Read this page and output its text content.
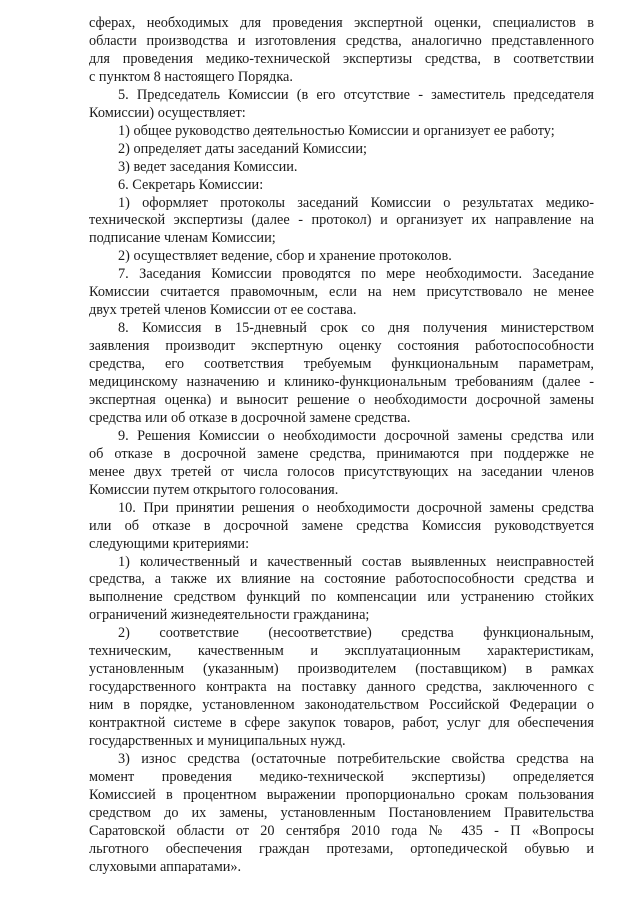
сферах, необходимых для проведения экспертной оценки, специалистов в
области производства и изготовления средства, аналогично представленного
для проведения медико-технической экспертизы средства, в соответствии
с пунктом 8 настоящего Порядка.
5. Председатель Комиссии (в его отсутствие - заместитель председателя
Комиссии) осуществляет:
1) общее руководство деятельностью Комиссии и организует ее работу;
2) определяет даты заседаний Комиссии;
3) ведет заседания Комиссии.
6. Секретарь Комиссии:
1) оформляет протоколы заседаний Комиссии о результатах медико-
технической экспертизы (далее - протокол) и организует их направление на
подписание членам Комиссии;
2) осуществляет ведение, сбор и хранение протоколов.
7. Заседания Комиссии проводятся по мере необходимости. Заседание
Комиссии считается правомочным, если на нем присутствовало не менее
двух третей членов Комиссии от ее состава.
8. Комиссия в 15-дневный срок со дня получения министерством
заявления производит экспертную оценку состояния работоспособности
средства, его соответствия требуемым функциональным параметрам,
медицинскому назначению и клинико-функциональным требованиям (далее -
экспертная оценка) и выносит решение о необходимости досрочной замены
средства или об отказе в досрочной замене средства.
9. Решения Комиссии о необходимости досрочной замены средства или
об отказе в досрочной замене средства, принимаются при поддержке не
менее двух третей от числа голосов присутствующих на заседании членов
Комиссии путем открытого голосования.
10. При принятии решения о необходимости досрочной замены средства
или об отказе в досрочной замене средства Комиссия руководствуется
следующими критериями:
1) количественный и качественный состав выявленных неисправностей
средства, а также их влияние на состояние работоспособности средства и
выполнение средством функций по компенсации или устранению стойких
ограничений жизнедеятельности гражданина;
2) соответствие (несоответствие) средства функциональным,
техническим, качественным и эксплуатационным характеристикам,
установленным (указанным) производителем (поставщиком) в рамках
государственного контракта на поставку данного средства, заключенного с
ним в порядке, установленном законодательством Российской Федерации о
контрактной системе в сфере закупок товаров, работ, услуг для обеспечения
государственных и муниципальных нужд.
3) износ средства (остаточные потребительские свойства средства на
момент проведения медико-технической экспертизы) определяется
Комиссией в процентном выражении пропорционально срокам пользования
средством до их замены, установленным Постановлением Правительства
Саратовской области от 20 сентября 2010 года № 435 - П «Вопросы
льготного обеспечения граждан протезами, ортопедической обувью и
слуховыми аппаратами».
